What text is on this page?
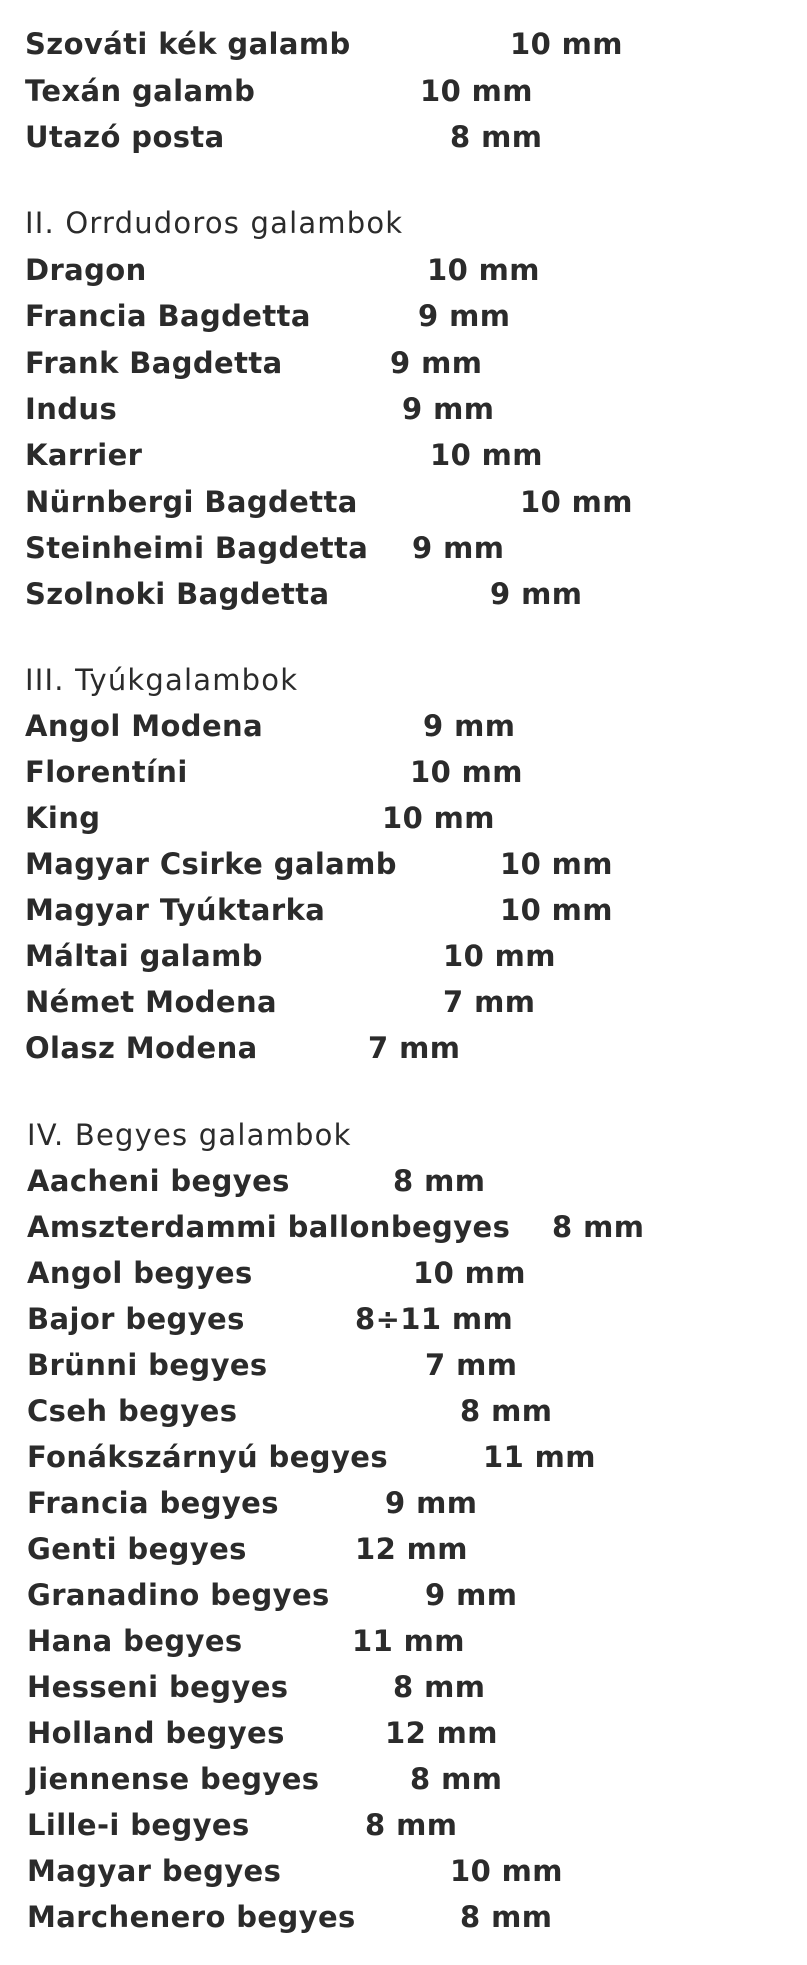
Szováti kék galamb	10 mm
Texán galamb	10 mm
Utazó posta	8 mm
II. Orrdudoros galambok
Dragon	10 mm
Francia Bagdetta	9 mm
Frank Bagdetta	9 mm
Indus	9 mm
Karrier	10 mm
Nürnbergi Bagdetta	10 mm
Steinheimi Bagdetta 9 mm
Szolnoki Bagdetta	9 mm
III. Tyúkgalambok
Angol Modena	9 mm
Florentíni	10 mm
King	10 mm
Magyar Csirke galamb	10 mm
Magyar Tyúktarka	10 mm
Máltai galamb	10 mm
Német Modena	7 mm
Olasz Modena	7 mm
IV. Begyes galambok
Aacheni begyes	8 mm
Amszterdammi ballonbegyes 8 mm
Angol begyes	10 mm
Bajor begyes	8÷11 mm
Brünni begyes	7 mm
Cseh begyes	8 mm
Fonákszárnyú begyes	11 mm
Francia begyes	9 mm
Genti begyes	12 mm
Granadino begyes	9 mm
Hana begyes	11 mm
Hesseni begyes	8 mm
Holland begyes	12 mm
Jiennense begyes	8 mm
Lille-i begyes	8 mm
Magyar begyes	10 mm
Marchenero begyes	8 mm
